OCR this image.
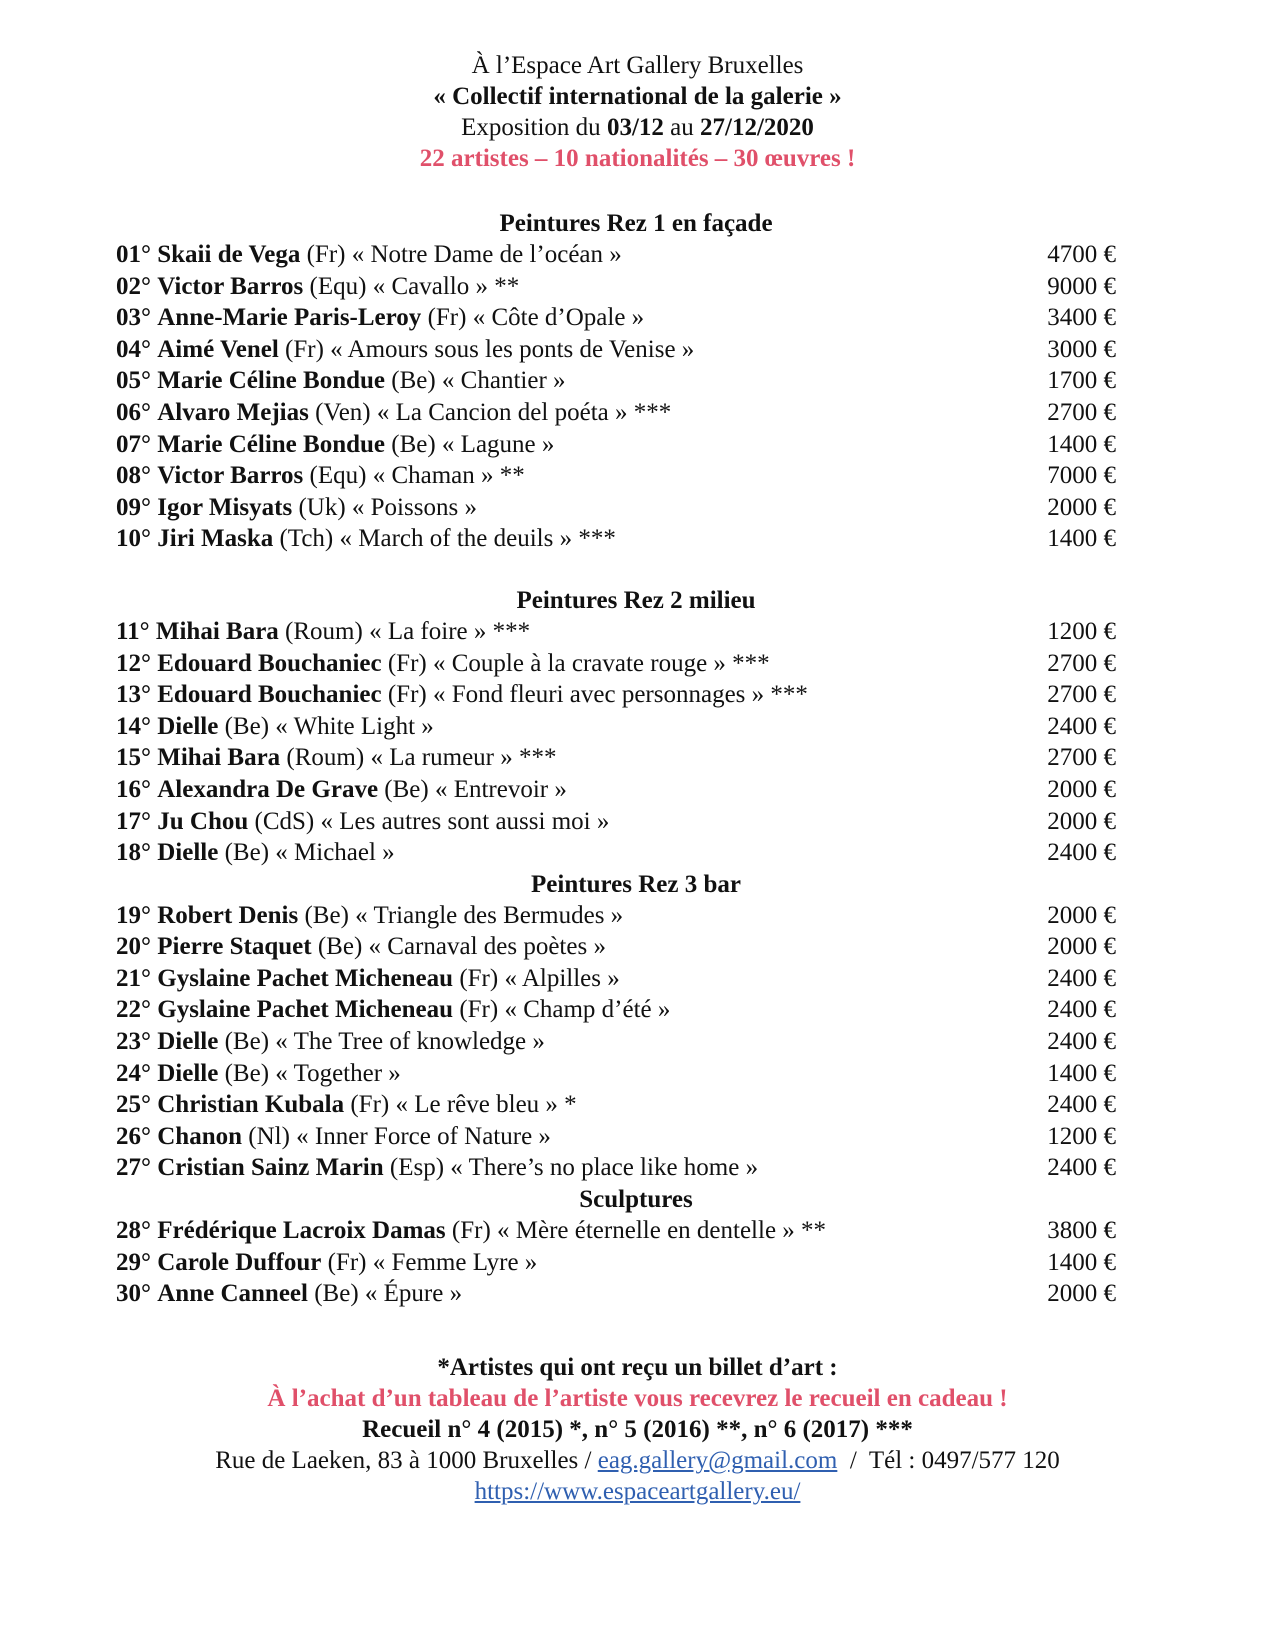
À l’Espace Art Gallery Bruxelles
« Collectif international de la galerie »
Exposition du 03/12 au 27/12/2020
22 artistes – 10 nationalités – 30 œuvres !
Peintures Rez 1 en façade
01° Skaii de Vega (Fr) « Notre Dame de l’océan »	4700 €
02° Victor Barros (Equ) « Cavallo » **	9000 €
03° Anne-Marie Paris-Leroy (Fr) « Côte d’Opale »	3400 €
04° Aimé Venel (Fr) « Amours sous les ponts de Venise »	3000 €
05° Marie Céline Bondue (Be) « Chantier »	1700 €
06° Alvaro Mejias (Ven) « La Cancion del poéta » ***	2700 €
07° Marie Céline Bondue (Be) « Lagune »	1400 €
08° Victor Barros (Equ) « Chaman » **	7000 €
09° Igor Misyats (Uk) « Poissons »	2000 €
10° Jiri Maska (Tch) « March of the deuils » ***	1400 €
Peintures Rez 2 milieu
11° Mihai Bara (Roum) « La foire » ***	1200 €
12° Edouard Bouchaniec (Fr) « Couple à la cravate rouge » ***	2700 €
13° Edouard Bouchaniec (Fr) « Fond fleuri avec personnages » ***	2700 €
14° Dielle (Be) « White Light »	2400 €
15° Mihai Bara (Roum) « La rumeur » ***	2700 €
16° Alexandra De Grave (Be) « Entrevoir »	2000 €
17° Ju Chou (CdS) « Les autres sont aussi moi »	2000 €
18° Dielle (Be) « Michael »	2400 €
Peintures Rez 3 bar
19° Robert Denis (Be) « Triangle des Bermudes »	2000 €
20° Pierre Staquet (Be) « Carnaval des poètes »	2000 €
21° Gyslaine Pachet Micheneau (Fr) « Alpilles »	2400 €
22° Gyslaine Pachet Micheneau (Fr) « Champ d’été »	2400 €
23° Dielle (Be) « The Tree of knowledge »	2400 €
24° Dielle (Be) « Together »	1400 €
25° Christian Kubala (Fr) « Le rêve bleu » *	2400 €
26° Chanon (Nl) « Inner Force of Nature »	1200 €
27° Cristian Sainz Marin (Esp) « There’s no place like home »	2400 €
Sculptures
28° Frédérique Lacroix Damas (Fr) « Mère éternelle en dentelle » **	3800 €
29° Carole Duffour (Fr) « Femme Lyre »	1400 €
30° Anne Canneel (Be) « Épure »	2000 €
*Artistes qui ont reçu un billet d’art :
À l’achat d’un tableau de l’artiste vous recevrez le recueil en cadeau !
Recueil n° 4 (2015) *, n° 5 (2016) **, n° 6 (2017) ***
Rue de Laeken, 83 à 1000 Bruxelles / eag.gallery@gmail.com  /  Tél : 0497/577 120
https://www.espaceartgallery.eu/
